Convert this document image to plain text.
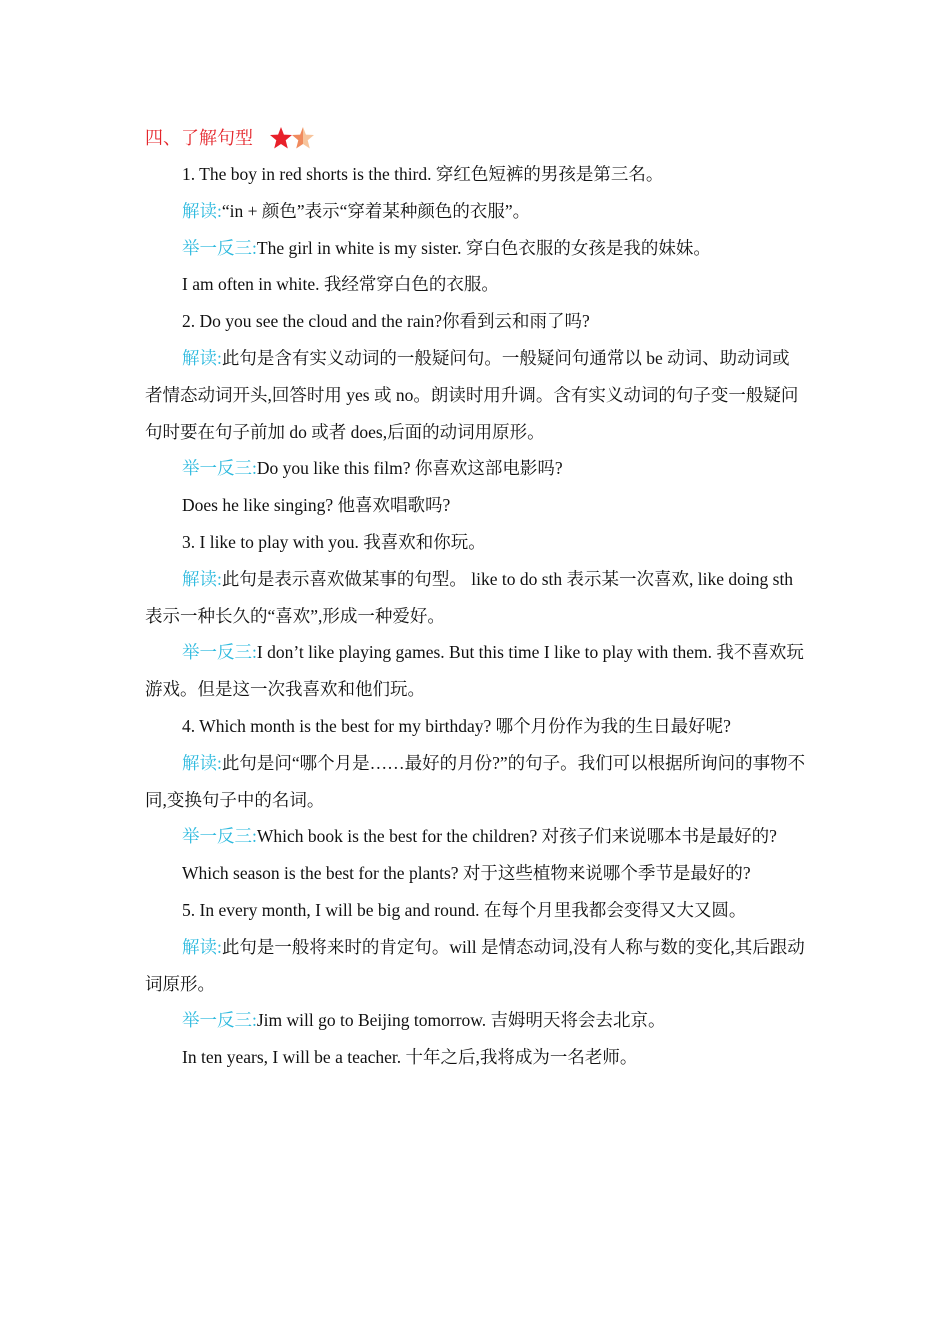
四、了解句型

1. The boy in red shorts is the third. 穿红色短裤的男孩是第三名。

解读:“in + 颜色”表示“穿着某种颜色的衣服”。

举一反三:The girl in white is my sister. 穿白色衣服的女孩是我的妹妹。

I am often in white. 我经常穿白色的衣服。

2. Do you see the cloud and the rain?你看到云和雨了吗?

解读:此句是含有实义动词的一般疑问句。一般疑问句通常以 be 动词、助动词或者情态动词开头,回答时用 yes 或 no。朗读时用升调。含有实义动词的句子变一般疑问句时要在句子前加 do 或者 does,后面的动词用原形。

举一反三:Do you like this film? 你喜欢这部电影吗?

Does he like singing? 他喜欢唱歌吗?

3. I like to play with you. 我喜欢和你玩。

解读:此句是表示喜欢做某事的句型。 like to do sth 表示某一次喜欢, like doing sth 表示一种长久的“喜欢”,形成一种爱好。

举一反三:I don’t like playing games. But this time I like to play with them. 我不喜欢玩游戏。但是这一次我喜欢和他们玩。

4. Which month is the best for my birthday? 哪个月份作为我的生日最好呢?

解读:此句是问“哪个月是……最好的月份?”的句子。我们可以根据所询问的事物不同,变换句子中的名词。

举一反三:Which book is the best for the children? 对孩子们来说哪本书是最好的?

Which season is the best for the plants? 对于这些植物来说哪个季节是最好的?

5. In every month, I will be big and round. 在每个月里我都会变得又大又圆。

解读:此句是一般将来时的肯定句。will 是情态动词,没有人称与数的变化,其后跟动词原形。

举一反三:Jim will go to Beijing tomorrow. 吉姆明天将会去北京。

In ten years, I will be a teacher. 十年之后,我将成为一名老师。
